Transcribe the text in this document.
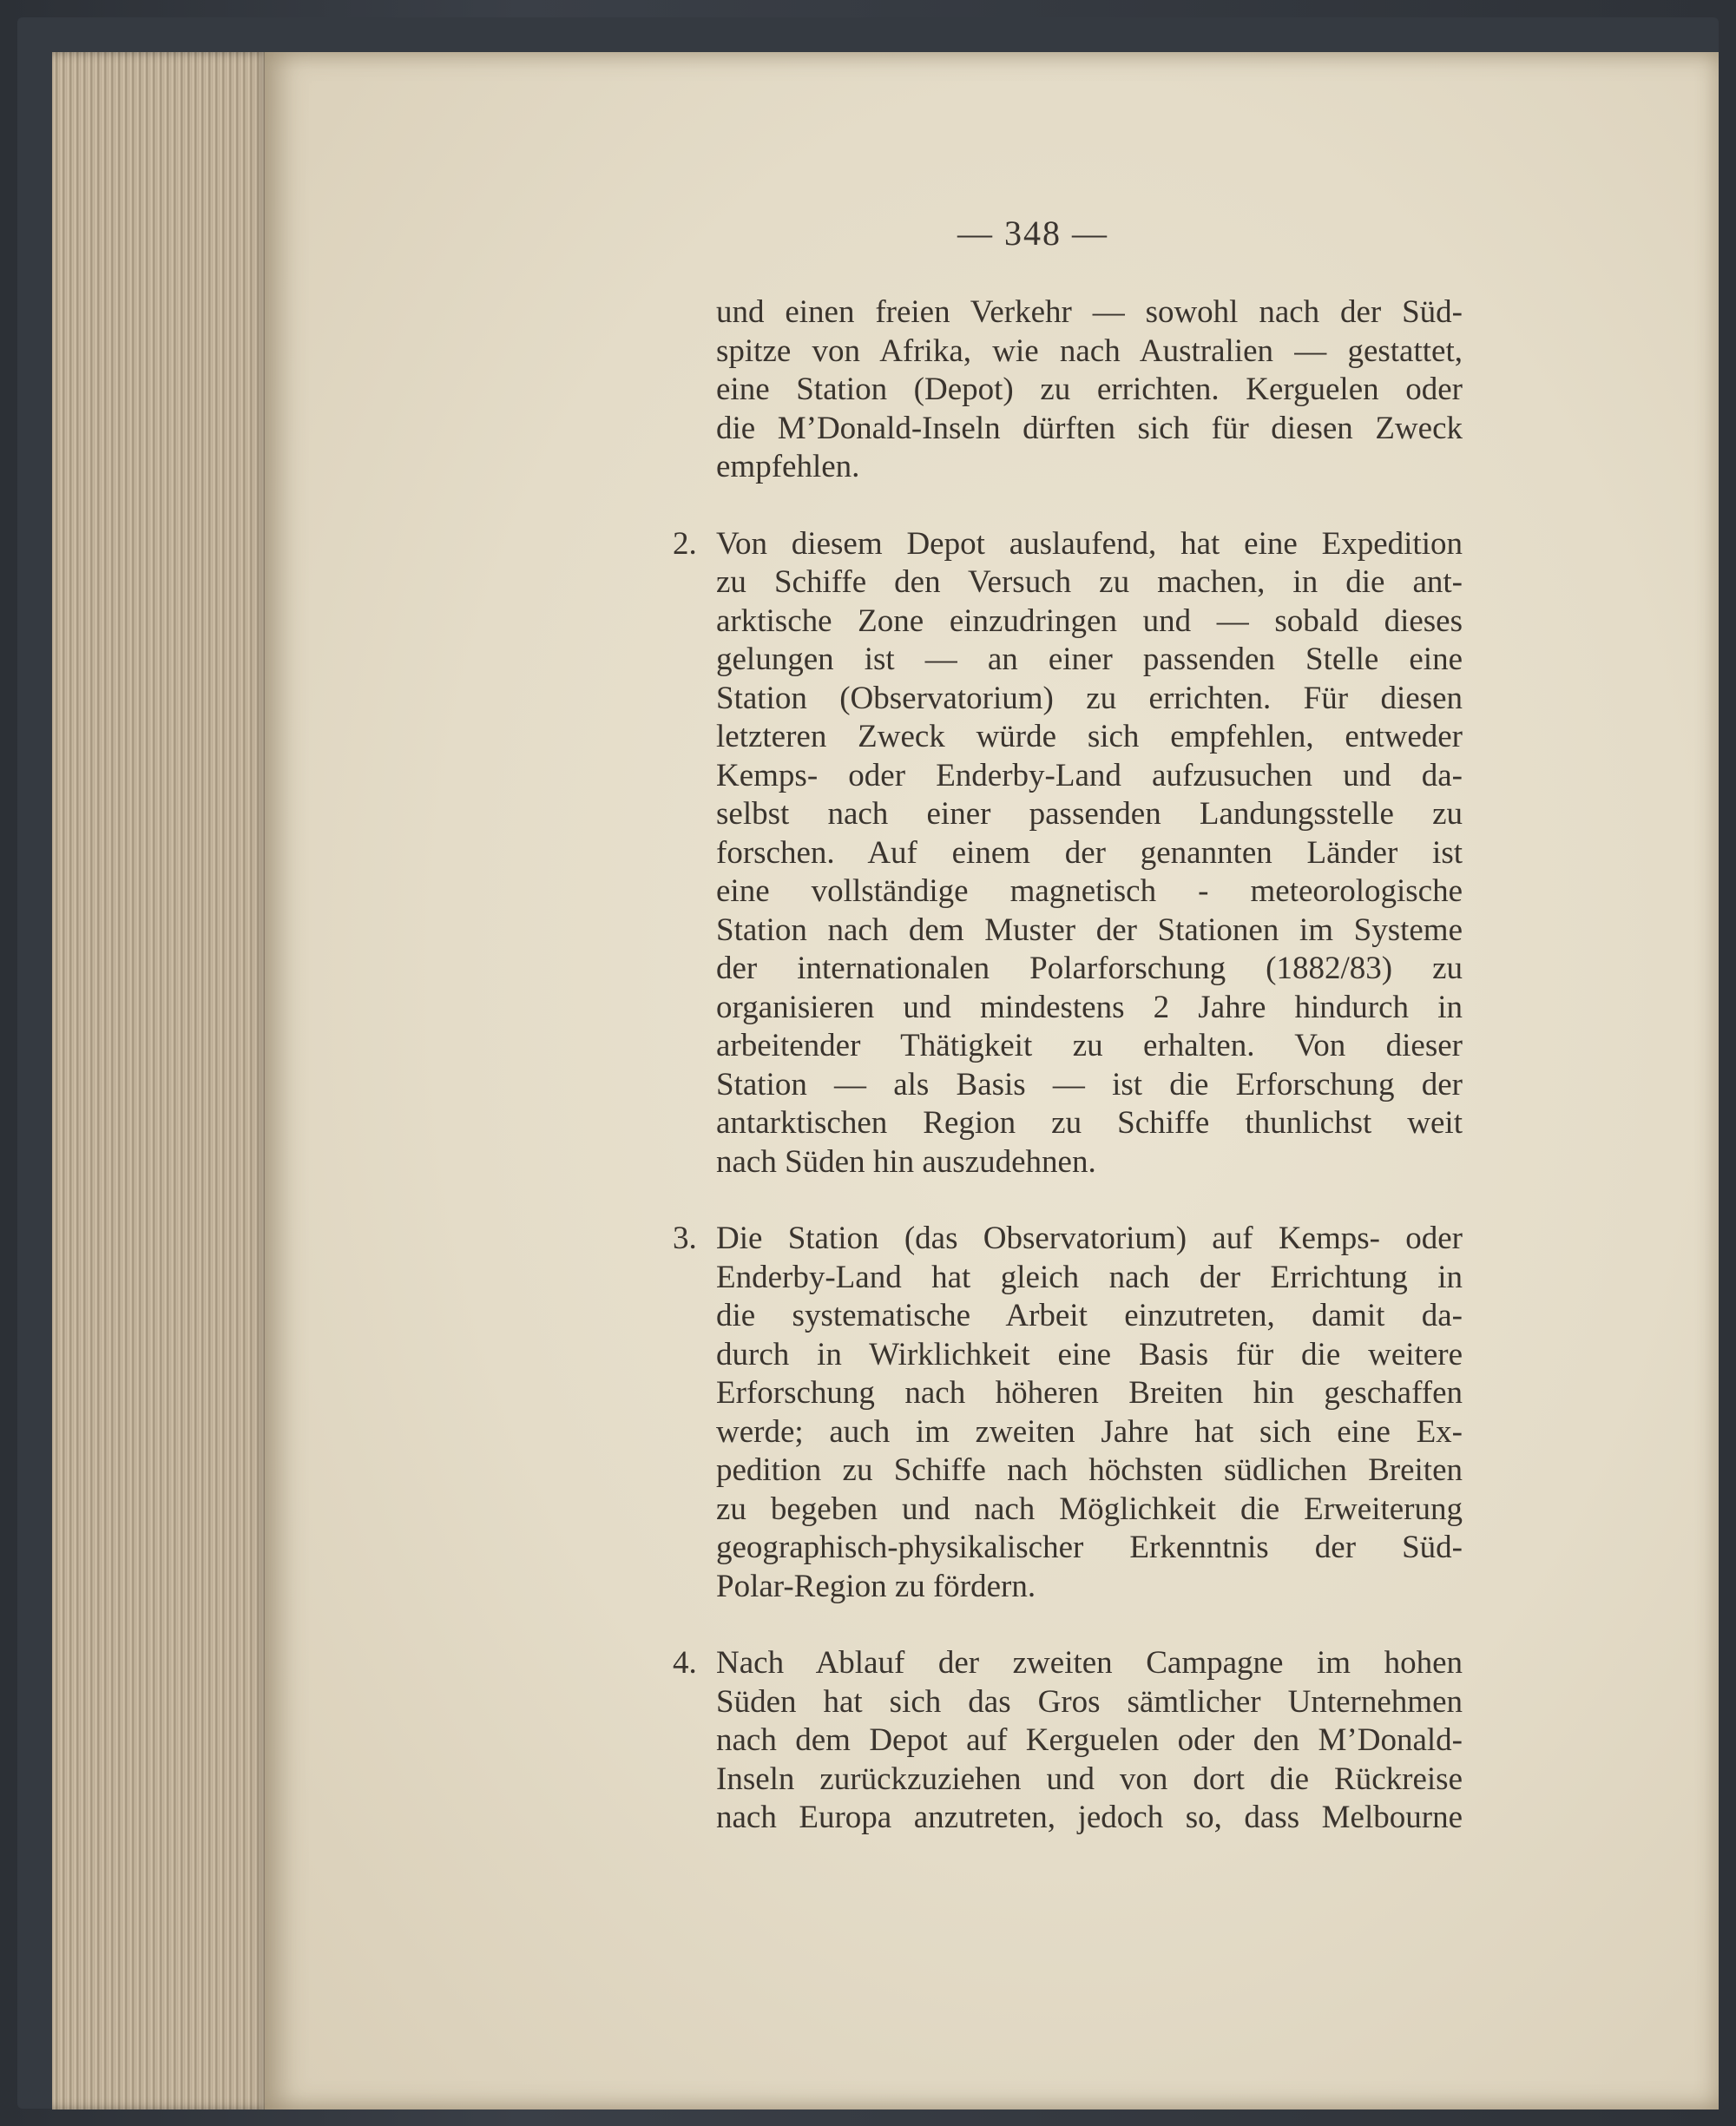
— 348 —
und einen freien Verkehr — sowohl nach der Süd-
spitze von Afrika, wie nach Australien — gestattet,
eine Station (Depot) zu errichten. Kerguelen oder
die M’Donald-Inseln dürften sich für diesen Zweck
empfehlen.
2. Von diesem Depot auslaufend, hat eine Expedition
zu Schiffe den Versuch zu machen, in die ant-
arktische Zone einzudringen und — sobald dieses
gelungen ist — an einer passenden Stelle eine
Station (Observatorium) zu errichten. Für diesen
letzteren Zweck würde sich empfehlen, entweder
Kemps- oder Enderby-Land aufzusuchen und da-
selbst nach einer passenden Landungsstelle zu
forschen. Auf einem der genannten Länder ist
eine vollständige magnetisch - meteorologische
Station nach dem Muster der Stationen im Systeme
der internationalen Polarforschung (1882/83) zu
organisieren und mindestens 2 Jahre hindurch in
arbeitender Thätigkeit zu erhalten. Von dieser
Station — als Basis — ist die Erforschung der
antarktischen Region zu Schiffe thunlichst weit
nach Süden hin auszudehnen.
3. Die Station (das Observatorium) auf Kemps- oder
Enderby-Land hat gleich nach der Errichtung in
die systematische Arbeit einzutreten, damit da-
durch in Wirklichkeit eine Basis für die weitere
Erforschung nach höheren Breiten hin geschaffen
werde; auch im zweiten Jahre hat sich eine Ex-
pedition zu Schiffe nach höchsten südlichen Breiten
zu begeben und nach Möglichkeit die Erweiterung
geographisch-physikalischer Erkenntnis der Süd-
Polar-Region zu fördern.
4. Nach Ablauf der zweiten Campagne im hohen
Süden hat sich das Gros sämtlicher Unternehmen
nach dem Depot auf Kerguelen oder den M’Donald-
Inseln zurückzuziehen und von dort die Rückreise
nach Europa anzutreten, jedoch so, dass Melbourne
